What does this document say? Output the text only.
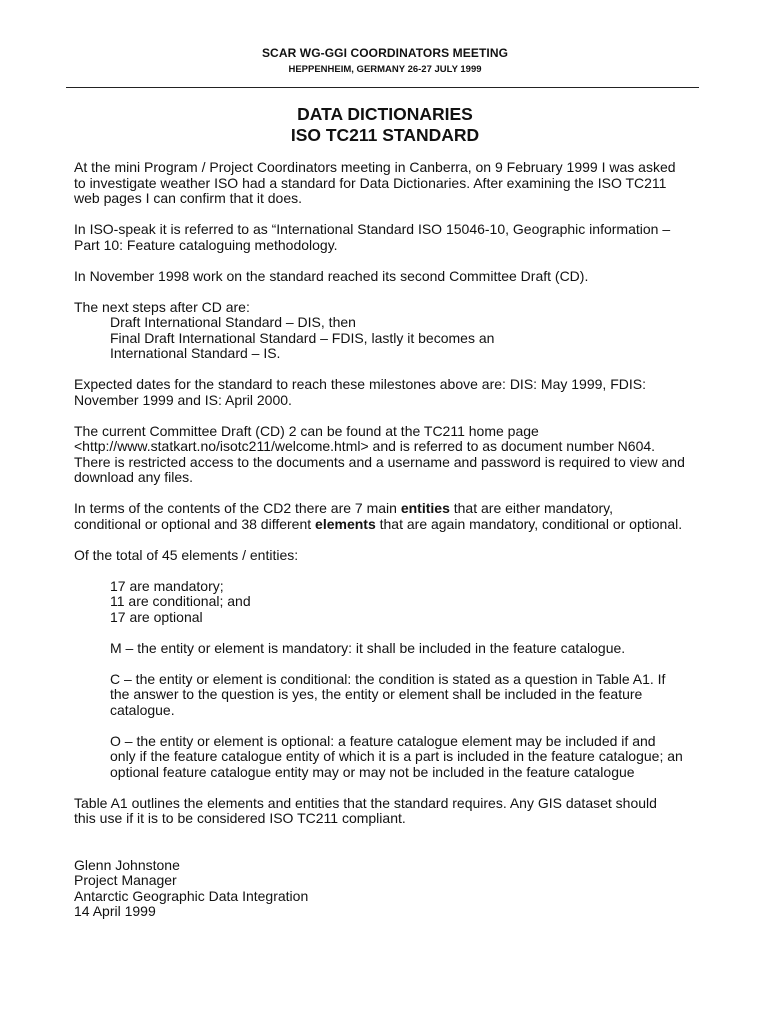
SCAR WG-GGI COORDINATORS MEETING
HEPPENHEIM, GERMANY 26-27 JULY 1999
DATA DICTIONARIES
ISO TC211 STANDARD

At the mini Program / Project Coordinators meeting in Canberra, on 9 February 1999 I was asked
to investigate weather ISO had a standard for Data Dictionaries. After examining the ISO TC211
web pages I can confirm that it does.

In ISO-speak it is referred to as “International Standard ISO 15046-10, Geographic information –
Part 10: Feature cataloguing methodology.

In November 1998 work on the standard reached its second Committee Draft (CD).

The next steps after CD are:
Draft International Standard – DIS, then
Final Draft International Standard – FDIS, lastly it becomes an
International Standard – IS.

Expected dates for the standard to reach these milestones above are: DIS: May 1999, FDIS:
November 1999 and IS: April 2000.

The current Committee Draft (CD) 2 can be found at the TC211 home page
<http://www.statkart.no/isotc211/welcome.html> and is referred to as document number N604.
There is restricted access to the documents and a username and password is required to view and
download any files.

In terms of the contents of the CD2 there are 7 main entities that are either mandatory,
conditional or optional and 38 different elements that are again mandatory, conditional or optional.

Of the total of 45 elements / entities:

17 are mandatory;
11 are conditional; and
17 are optional

M – the entity or element is mandatory: it shall be included in the feature catalogue.

C – the entity or element is conditional: the condition is stated as a question in Table A1. If
the answer to the question is yes, the entity or element shall be included in the feature
catalogue.

O – the entity or element is optional: a feature catalogue element may be included if and
only if the feature catalogue entity of which it is a part is included in the feature catalogue; an
optional feature catalogue entity may or may not be included in the feature catalogue

Table A1 outlines the elements and entities that the standard requires. Any GIS dataset should
this use if it is to be considered ISO TC211 compliant.

Glenn Johnstone
Project Manager
Antarctic Geographic Data Integration
14 April 1999
